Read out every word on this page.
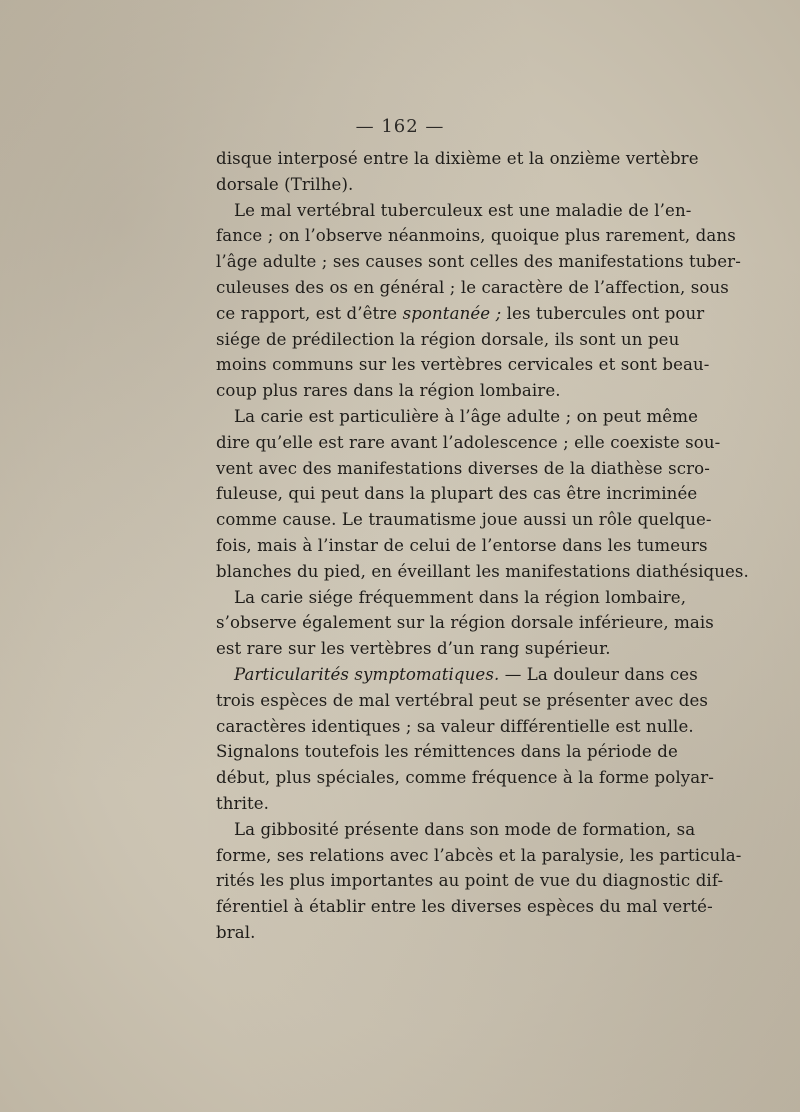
— 162 —
disque interposé entre la dixième et la onzième vertèbre
dorsale (Trilhe).
Le mal vertébral tuberculeux est une maladie de l’en-
fance ; on l’observe néanmoins, quoique plus rarement, dans
l’âge adulte ; ses causes sont celles des manifestations tuber-
culeuses des os en général ; le caractère de l’affection, sous
ce rapport, est d’être spontanée ; les tubercules ont pour
siége de prédilection la région dorsale, ils sont un peu
moins communs sur les vertèbres cervicales et sont beau-
coup plus rares dans la région lombaire.
La carie est particulière à l’âge adulte ; on peut même
dire qu’elle est rare avant l’adolescence ; elle coexiste sou-
vent avec des manifestations diverses de la diathèse scro-
fuleuse, qui peut dans la plupart des cas être incriminée
comme cause. Le traumatisme joue aussi un rôle quelque-
fois, mais à l’instar de celui de l’entorse dans les tumeurs
blanches du pied, en éveillant les manifestations diathésiques.
La carie siége fréquemment dans la région lombaire,
s’observe également sur la région dorsale inférieure, mais
est rare sur les vertèbres d’un rang supérieur.
Particularités symptomatiques. — La douleur dans ces
trois espèces de mal vertébral peut se présenter avec des
caractères identiques ; sa valeur différentielle est nulle.
Signalons toutefois les rémittences dans la période de
début, plus spéciales, comme fréquence à la forme polyar-
thrite.
La gibbosité présente dans son mode de formation, sa
forme, ses relations avec l’abcès et la paralysie, les particula-
rités les plus importantes au point de vue du diagnostic dif-
férentiel à établir entre les diverses espèces du mal verté-
bral.
